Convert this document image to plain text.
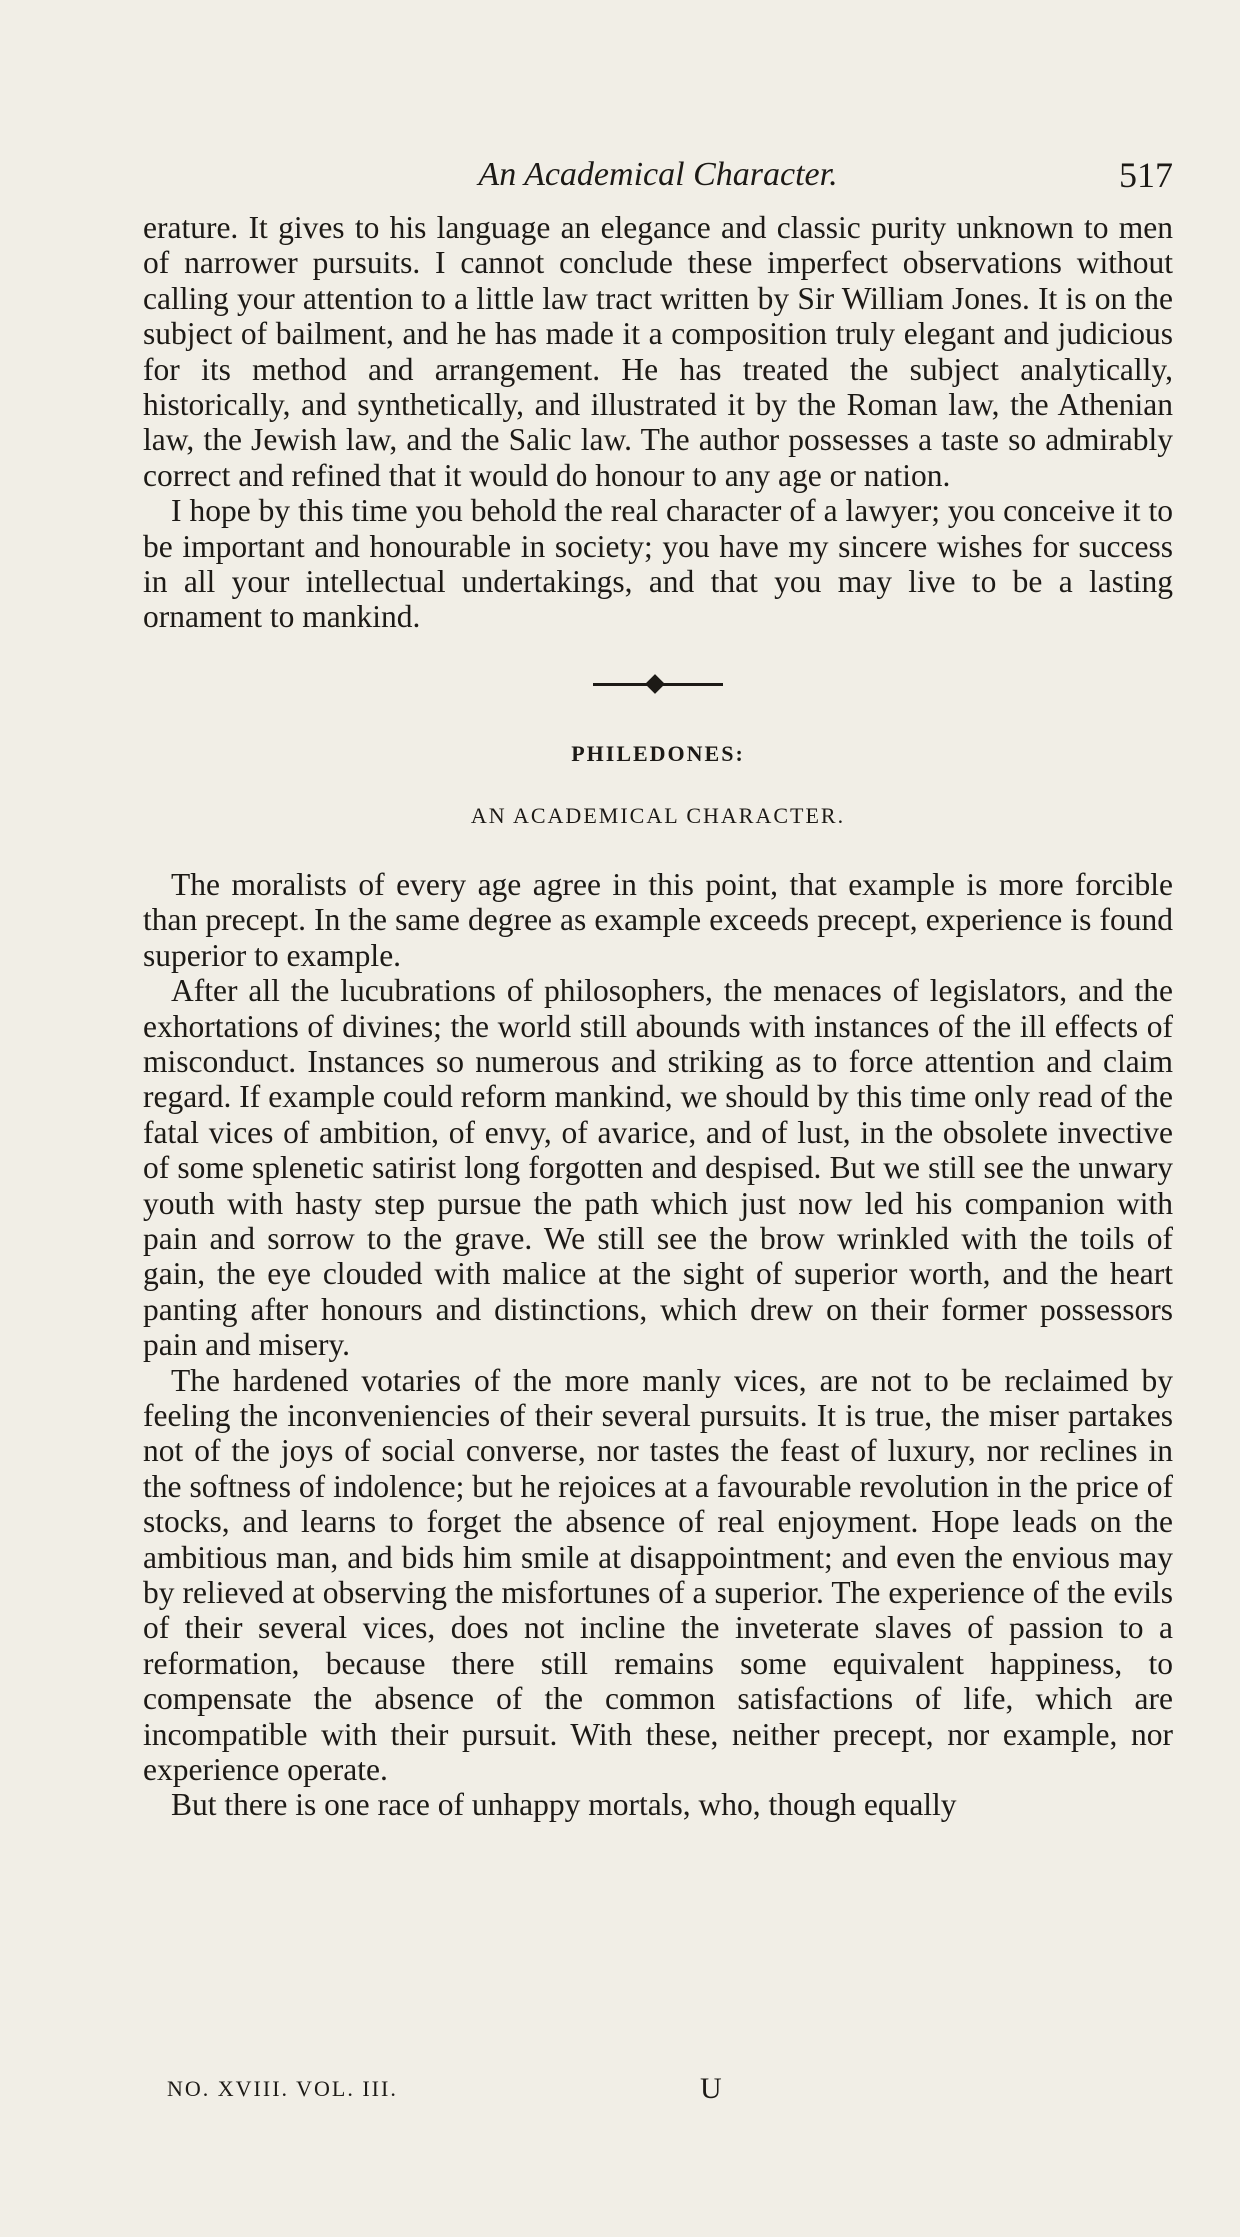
An Academical Character.	517

erature. It gives to his language an elegance and classic purity unknown to men of narrower pursuits. I cannot conclude these imperfect observations without calling your attention to a little law tract written by Sir William Jones. It is on the subject of bailment, and he has made it a composition truly elegant and judicious for its method and arrangement. He has treated the subject analytically, historically, and synthetically, and illustrated it by the Roman law, the Athenian law, the Jewish law, and the Salic law. The author possesses a taste so admirably correct and refined that it would do honour to any age or nation.

I hope by this time you behold the real character of a lawyer; you conceive it to be important and honourable in society; you have my sincere wishes for success in all your intellectual undertakings, and that you may live to be a lasting ornament to mankind.

PHILEDONES:
AN ACADEMICAL CHARACTER.

The moralists of every age agree in this point, that example is more forcible than precept. In the same degree as example exceeds precept, experience is found superior to example.

After all the lucubrations of philosophers, the menaces of legislators, and the exhortations of divines; the world still abounds with instances of the ill effects of misconduct. Instances so numerous and striking as to force attention and claim regard. If example could reform mankind, we should by this time only read of the fatal vices of ambition, of envy, of avarice, and of lust, in the obsolete invective of some splenetic satirist long forgotten and despised. But we still see the unwary youth with hasty step pursue the path which just now led his companion with pain and sorrow to the grave. We still see the brow wrinkled with the toils of gain, the eye clouded with malice at the sight of superior worth, and the heart panting after honours and distinctions, which drew on their former possessors pain and misery.

The hardened votaries of the more manly vices, are not to be reclaimed by feeling the inconveniencies of their several pursuits. It is true, the miser partakes not of the joys of social converse, nor tastes the feast of luxury, nor reclines in the softness of indolence; but he rejoices at a favourable revolution in the price of stocks, and learns to forget the absence of real enjoyment. Hope leads on the ambitious man, and bids him smile at disappointment; and even the envious may by relieved at observing the misfortunes of a superior. The experience of the evils of their several vices, does not incline the inveterate slaves of passion to a reformation, because there still remains some equivalent happiness, to compensate the absence of the common satisfactions of life, which are incompatible with their pursuit. With these, neither precept, nor example, nor experience operate.

But there is one race of unhappy mortals, who, though equally

NO. XVIII. VOL. III.	U
